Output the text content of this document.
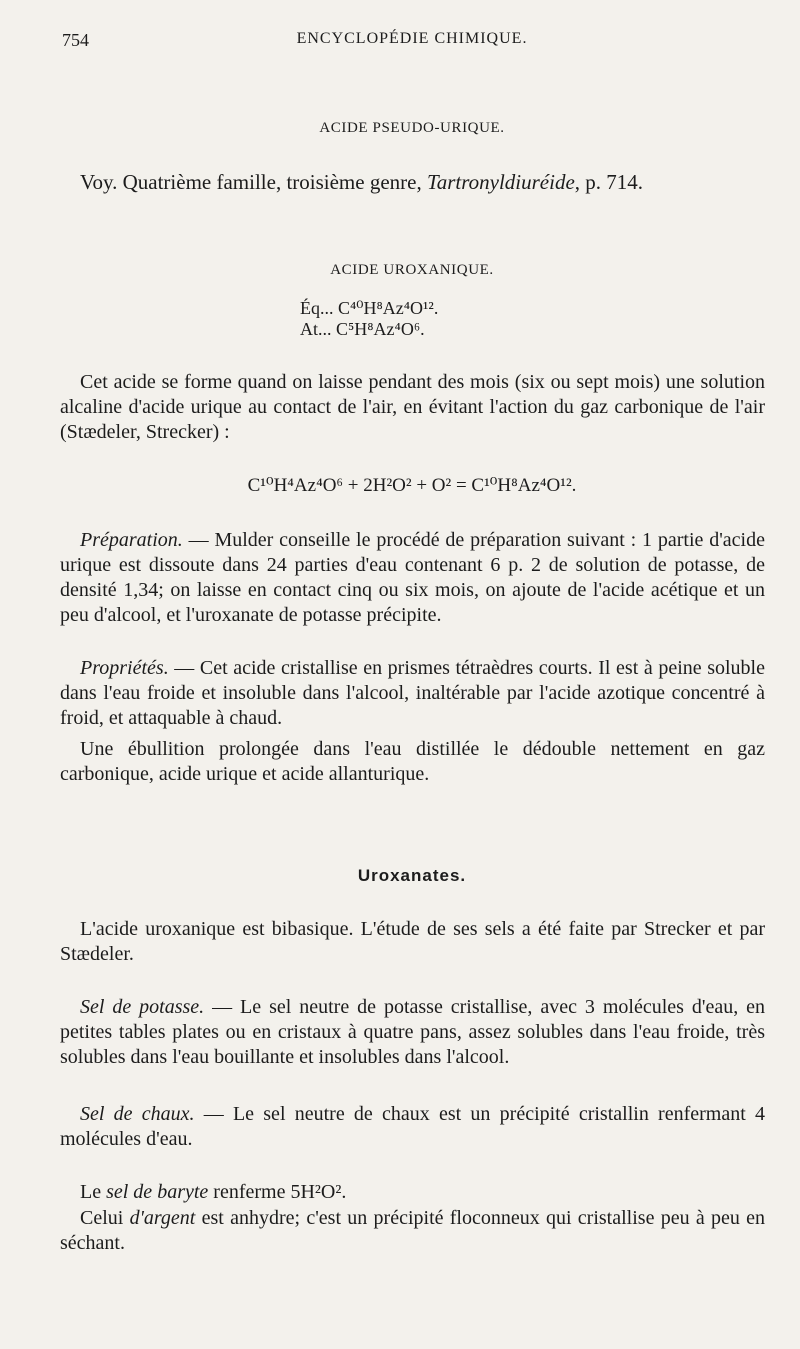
754	ENCYCLOPÉDIE CHIMIQUE.
ACIDE PSEUDO-URIQUE.
Voy. Quatrième famille, troisième genre, Tartronyldiuréide, p. 714.
ACIDE UROXANIQUE.
Éq... C⁴⁰H⁸Az⁴O¹².
At... C⁵H⁸Az⁴O⁶.
Cet acide se forme quand on laisse pendant des mois (six ou sept mois) une solution alcaline d'acide urique au contact de l'air, en évitant l'action du gaz carbonique de l'air (Stædeler, Strecker) :
C¹⁰H⁴Az⁴O⁶ + 2H²O² + O² = C¹⁰H⁸Az⁴O¹².
Préparation. — Mulder conseille le procédé de préparation suivant : 1 partie d'acide urique est dissoute dans 24 parties d'eau contenant 6 p. 2 de solution de potasse, de densité 1,34; on laisse en contact cinq ou six mois, on ajoute de l'acide acétique et un peu d'alcool, et l'uroxanate de potasse précipite.
Propriétés. — Cet acide cristallise en prismes tétraèdres courts. Il est à peine soluble dans l'eau froide et insoluble dans l'alcool, inaltérable par l'acide azotique concentré à froid, et attaquable à chaud.
Une ébullition prolongée dans l'eau distillée le dédouble nettement en gaz carbonique, acide urique et acide allanturique.
Uroxanates.
L'acide uroxanique est bibasique. L'étude de ses sels a été faite par Strecker et par Stædeler.
Sel de potasse. — Le sel neutre de potasse cristallise, avec 3 molécules d'eau, en petites tables plates ou en cristaux à quatre pans, assez solubles dans l'eau froide, très solubles dans l'eau bouillante et insolubles dans l'alcool.
Sel de chaux. — Le sel neutre de chaux est un précipité cristallin renfermant 4 molécules d'eau.
Le sel de baryte renferme 5H²O².
Celui d'argent est anhydre; c'est un précipité floconneux qui cristallise peu à peu en séchant.
